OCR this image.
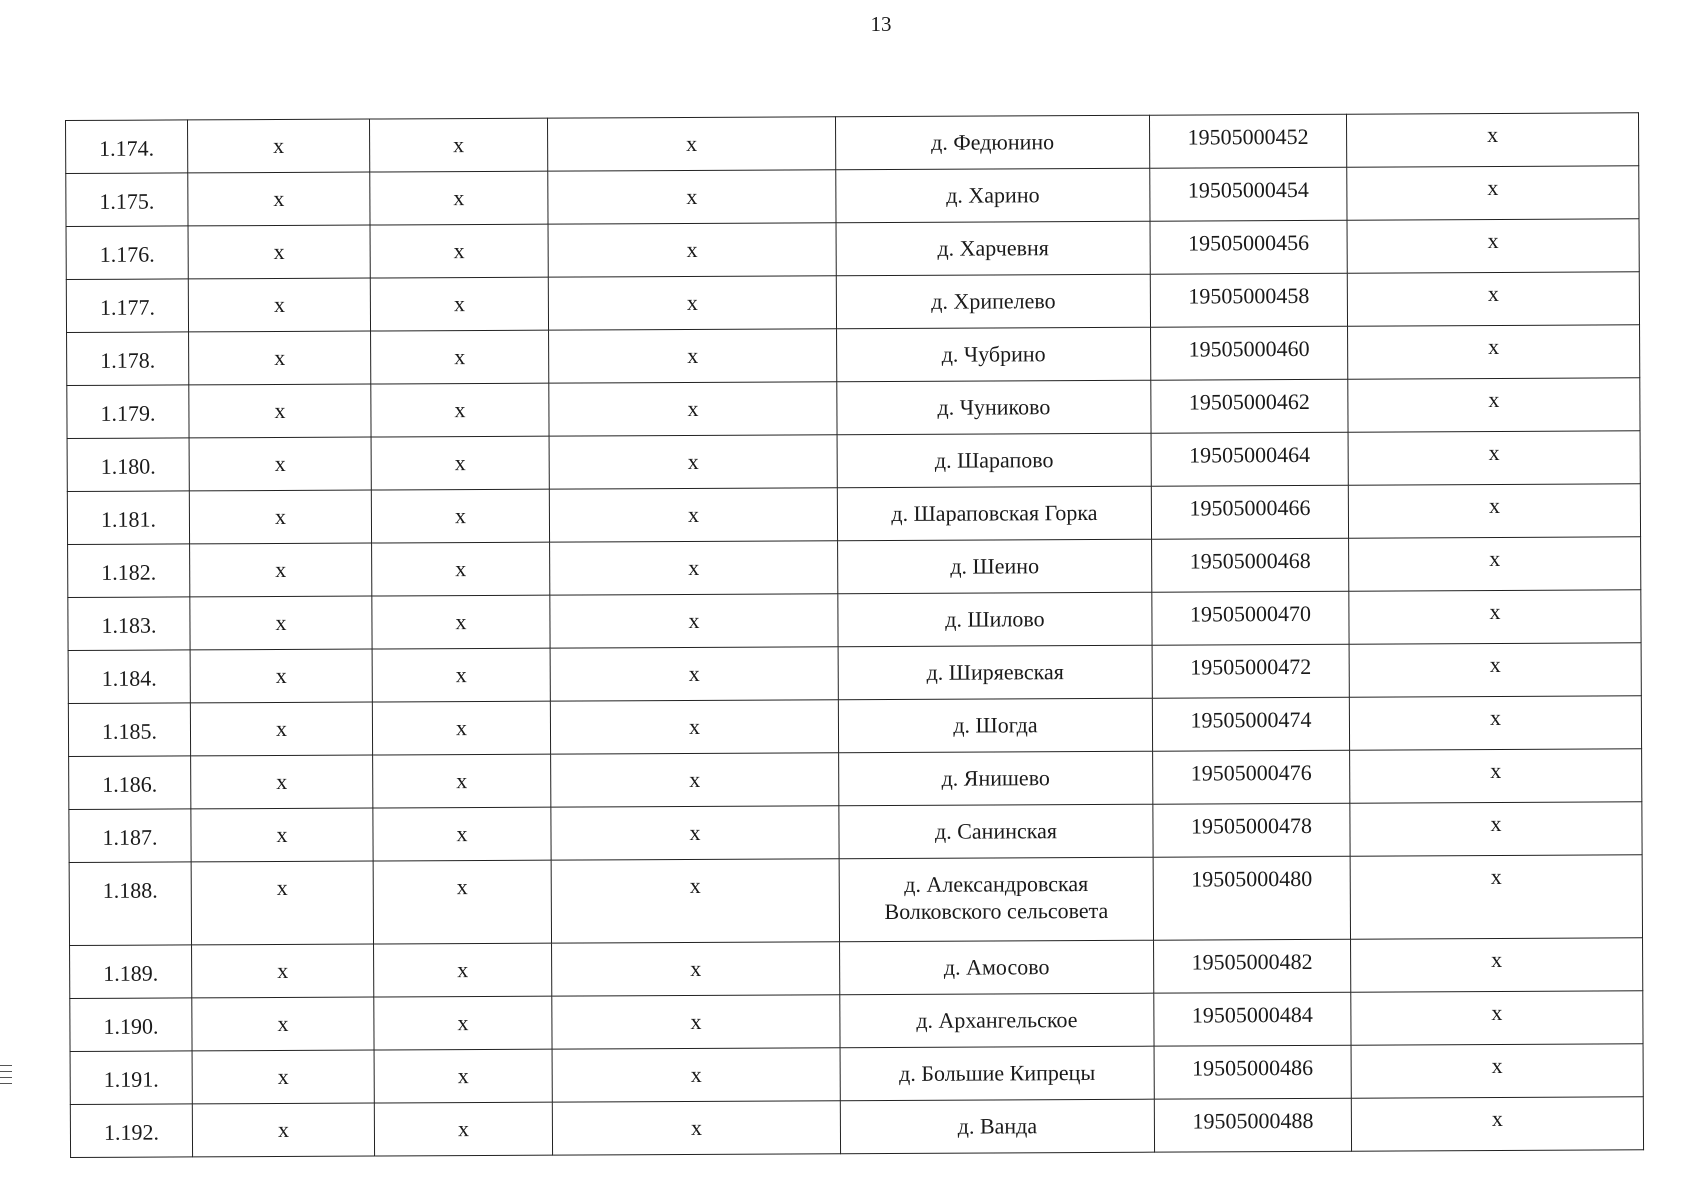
13
1.174.	х	х	х	д. Федюнино	19505000452	х
1.175.	х	х	х	д. Харино	19505000454	х
1.176.	х	х	х	д. Харчевня	19505000456	х
1.177.	х	х	х	д. Хрипелево	19505000458	х
1.178.	х	х	х	д. Чубрино	19505000460	х
1.179.	х	х	х	д. Чуниково	19505000462	х
1.180.	х	х	х	д. Шарапово	19505000464	х
1.181.	х	х	х	д. Шараповская Горка	19505000466	х
1.182.	х	х	х	д. Шеино	19505000468	х
1.183.	х	х	х	д. Шилово	19505000470	х
1.184.	х	х	х	д. Ширяевская	19505000472	х
1.185.	х	х	х	д. Шогда	19505000474	х
1.186.	х	х	х	д. Янишево	19505000476	х
1.187.	х	х	х	д. Санинская	19505000478	х
1.188.	х	х	х	д. Александровская Волковского сельсовета	19505000480	х
1.189.	х	х	х	д. Амосово	19505000482	х
1.190.	х	х	х	д. Архангельское	19505000484	х
1.191.	х	х	х	д. Большие Кипрецы	19505000486	х
1.192.	х	х	х	д. Ванда	19505000488	х
